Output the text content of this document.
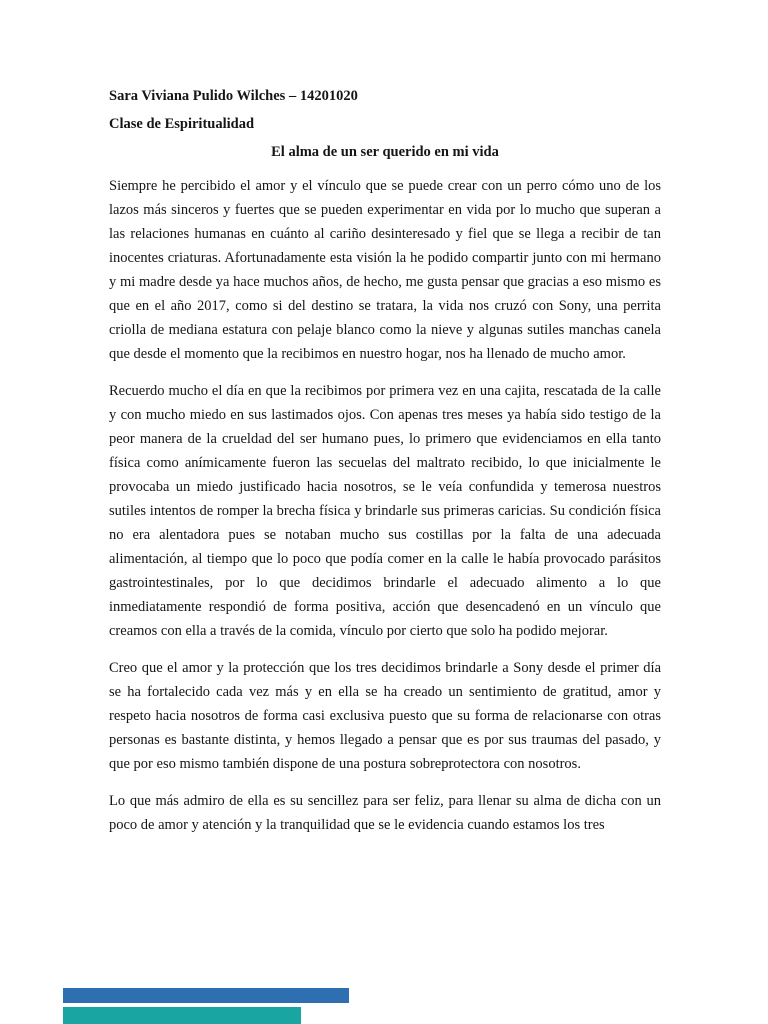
Sara Viviana Pulido Wilches – 14201020

Clase de Espiritualidad

El alma de un ser querido en mi vida

Siempre he percibido el amor y el vínculo que se puede crear con un perro cómo uno de los lazos más sinceros y fuertes que se pueden experimentar en vida por lo mucho que superan a las relaciones humanas en cuánto al cariño desinteresado y fiel que se llega a recibir de tan inocentes criaturas. Afortunadamente esta visión la he podido compartir junto con mi hermano y mi madre desde ya hace muchos años, de hecho, me gusta pensar que gracias a eso mismo es que en el año 2017, como si del destino se tratara, la vida nos cruzó con Sony, una perrita criolla de mediana estatura con pelaje blanco como la nieve y algunas sutiles manchas canela que desde el momento que la recibimos en nuestro hogar, nos ha llenado de mucho amor.

Recuerdo mucho el día en que la recibimos por primera vez en una cajita, rescatada de la calle y con mucho miedo en sus lastimados ojos. Con apenas tres meses ya había sido testigo de la peor manera de la crueldad del ser humano pues, lo primero que evidenciamos en ella tanto física como anímicamente fueron las secuelas del maltrato recibido, lo que inicialmente le provocaba un miedo justificado hacia nosotros, se le veía confundida y temerosa nuestros sutiles intentos de romper la brecha física y brindarle sus primeras caricias. Su condición física no era alentadora pues se notaban mucho sus costillas por la falta de una adecuada alimentación, al tiempo que lo poco que podía comer en la calle le había provocado parásitos gastrointestinales, por lo que decidimos brindarle el adecuado alimento a lo que inmediatamente respondió de forma positiva, acción que desencadenó en un vínculo que creamos con ella a través de la comida, vínculo por cierto que solo ha podido mejorar.

Creo que el amor y la protección que los tres decidimos brindarle a Sony desde el primer día se ha fortalecido cada vez más y en ella se ha creado un sentimiento de gratitud, amor y respeto hacia nosotros de forma casi exclusiva puesto que su forma de relacionarse con otras personas es bastante distinta, y hemos llegado a pensar que es por sus traumas del pasado, y que por eso mismo también dispone de una postura sobreprotectora con nosotros.

Lo que más admiro de ella es su sencillez para ser feliz, para llenar su alma de dicha con un poco de amor y atención y la tranquilidad que se le evidencia cuando estamos los tres
